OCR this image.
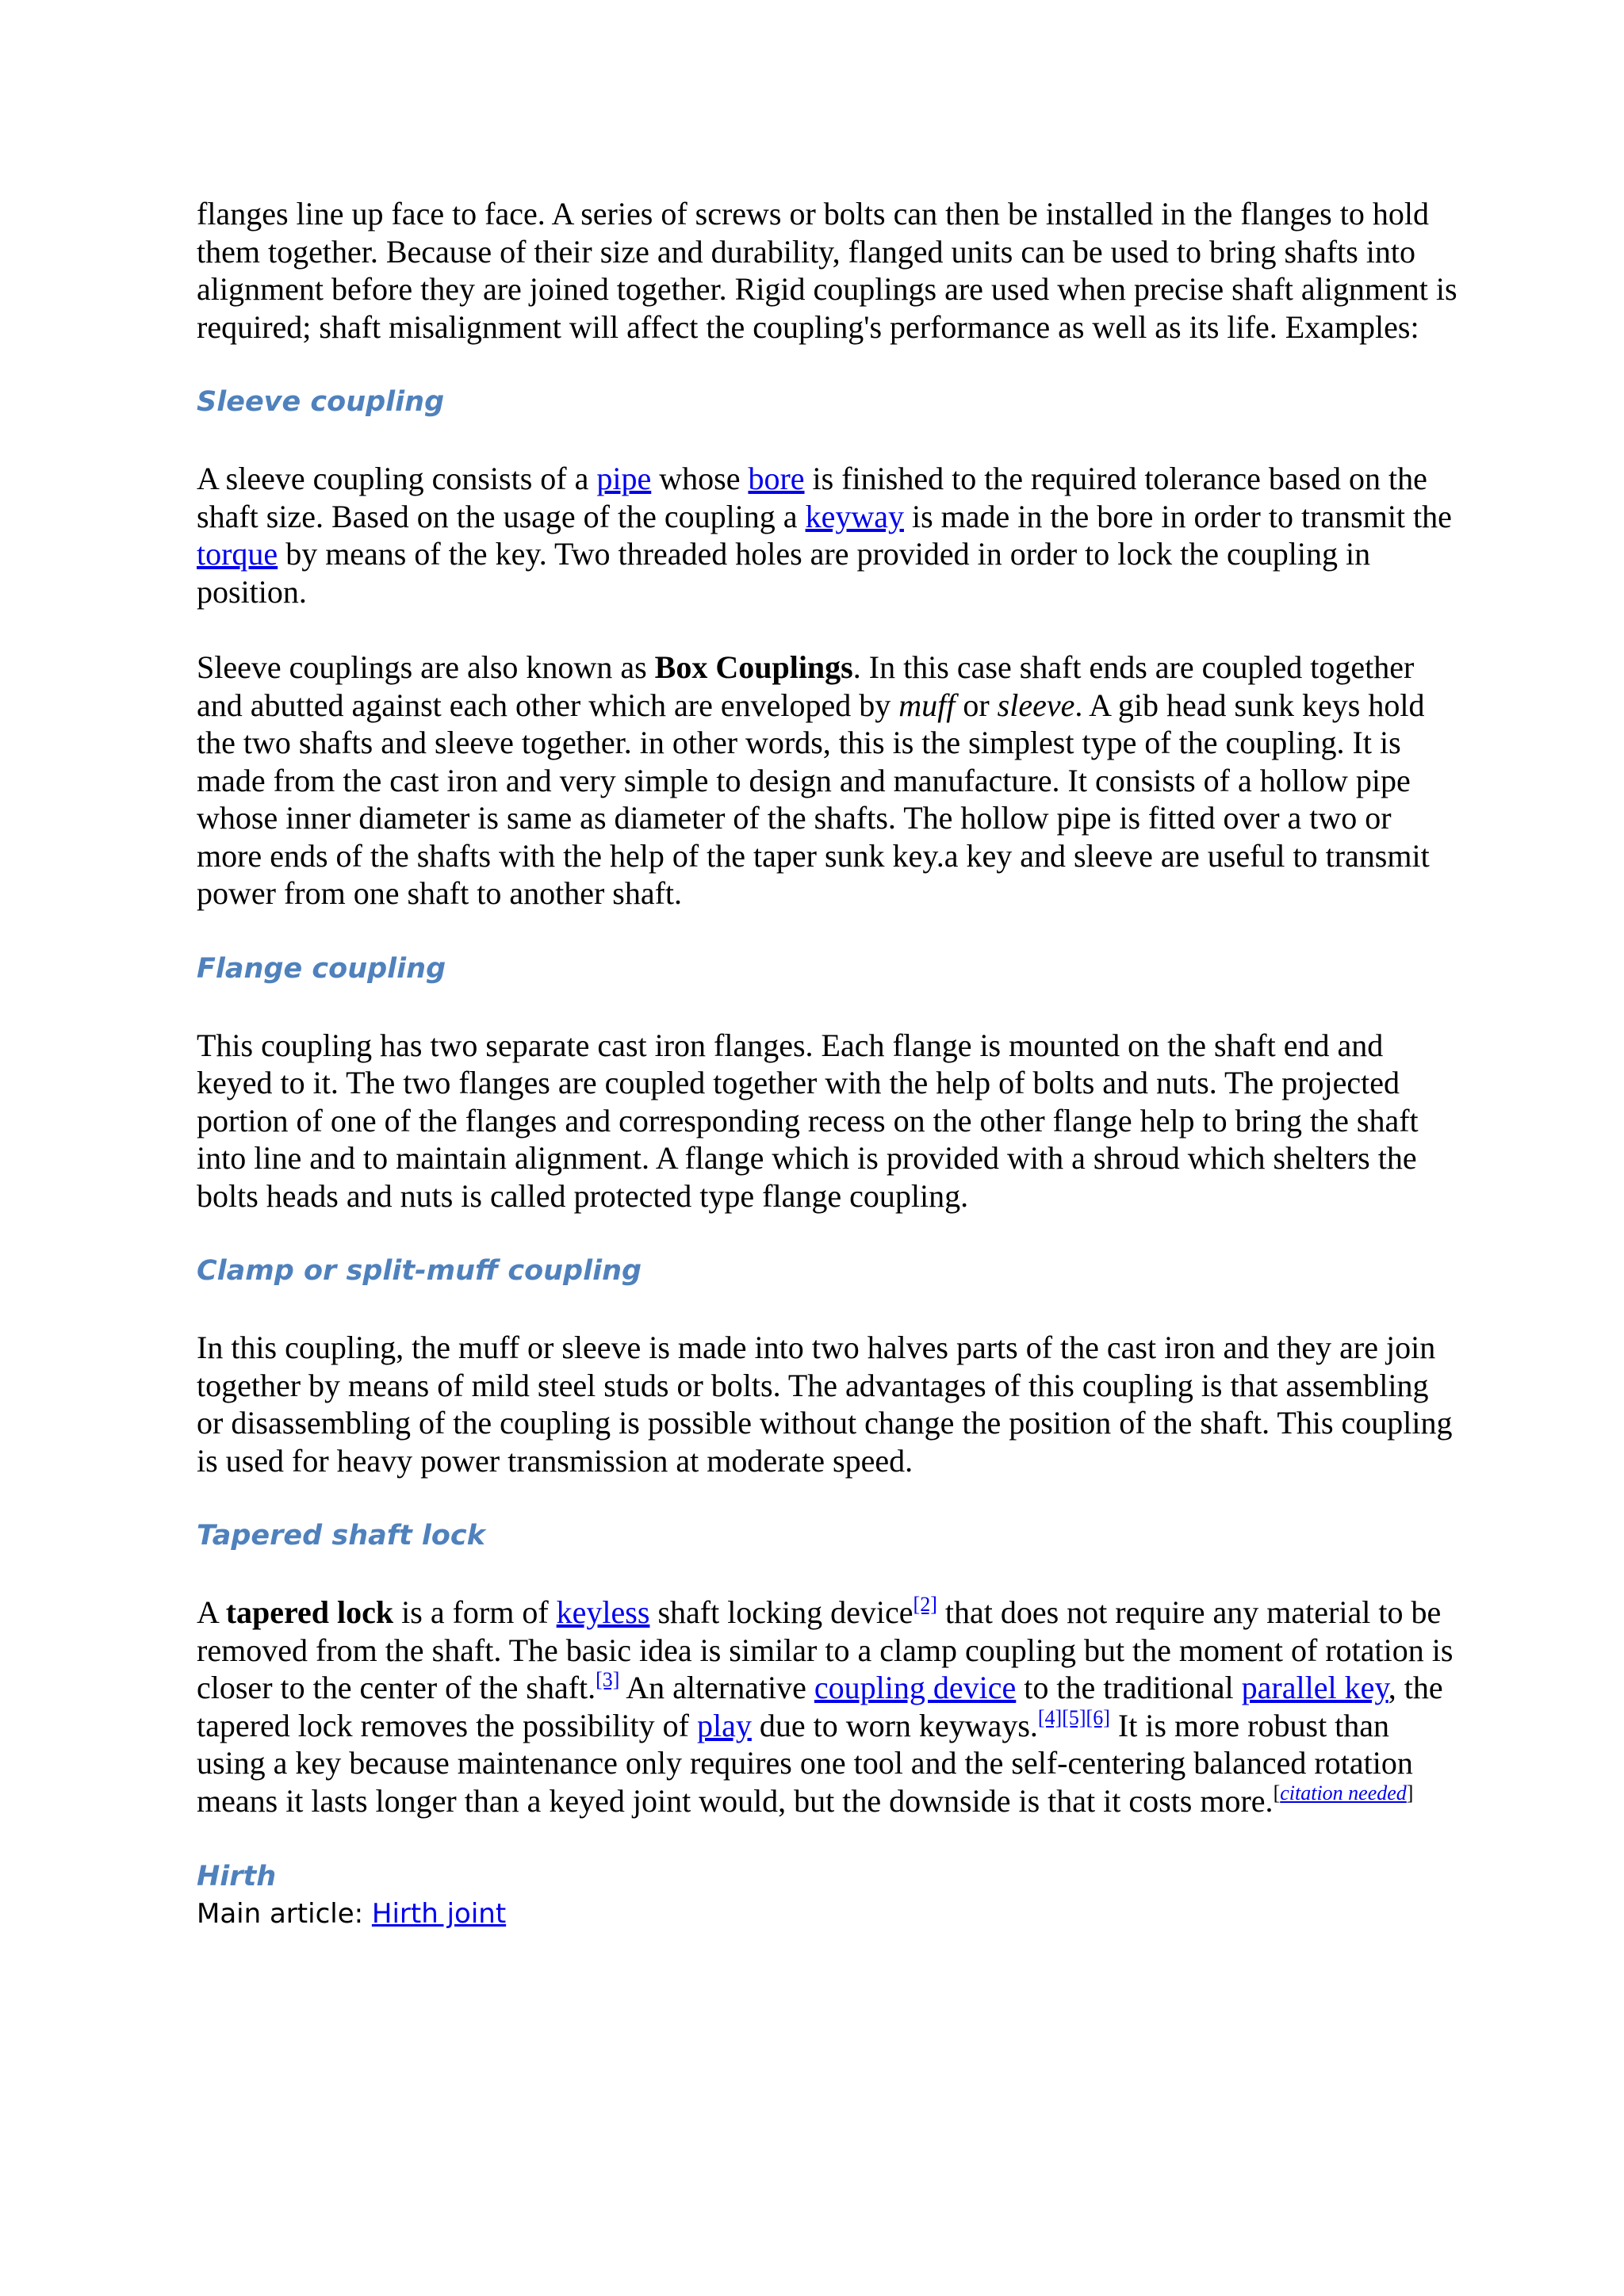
flanges line up face to face. A series of screws or bolts can then be installed in the flanges to hold them together. Because of their size and durability, flanged units can be used to bring shafts into alignment before they are joined together. Rigid couplings are used when precise shaft alignment is required; shaft misalignment will affect the coupling's performance as well as its life. Examples:

Sleeve coupling

A sleeve coupling consists of a pipe whose bore is finished to the required tolerance based on the shaft size. Based on the usage of the coupling a keyway is made in the bore in order to transmit the torque by means of the key. Two threaded holes are provided in order to lock the coupling in position.

Sleeve couplings are also known as Box Couplings. In this case shaft ends are coupled together and abutted against each other which are enveloped by muff or sleeve. A gib head sunk keys hold the two shafts and sleeve together. in other words, this is the simplest type of the coupling. It is made from the cast iron and very simple to design and manufacture. It consists of a hollow pipe whose inner diameter is same as diameter of the shafts. The hollow pipe is fitted over a two or more ends of the shafts with the help of the taper sunk key.a key and sleeve are useful to transmit power from one shaft to another shaft.

Flange coupling

This coupling has two separate cast iron flanges. Each flange is mounted on the shaft end and keyed to it. The two flanges are coupled together with the help of bolts and nuts. The projected portion of one of the flanges and corresponding recess on the other flange help to bring the shaft into line and to maintain alignment. A flange which is provided with a shroud which shelters the bolts heads and nuts is called protected type flange coupling.

Clamp or split-muff coupling

In this coupling, the muff or sleeve is made into two halves parts of the cast iron and they are join together by means of mild steel studs or bolts. The advantages of this coupling is that assembling or disassembling of the coupling is possible without change the position of the shaft. This coupling is used for heavy power transmission at moderate speed.

Tapered shaft lock

A tapered lock is a form of keyless shaft locking device[2] that does not require any material to be removed from the shaft. The basic idea is similar to a clamp coupling but the moment of rotation is closer to the center of the shaft.[3] An alternative coupling device to the traditional parallel key, the tapered lock removes the possibility of play due to worn keyways.[4][5][6] It is more robust than using a key because maintenance only requires one tool and the self-centering balanced rotation means it lasts longer than a keyed joint would, but the downside is that it costs more.[citation needed]

Hirth

Main article: Hirth joint
